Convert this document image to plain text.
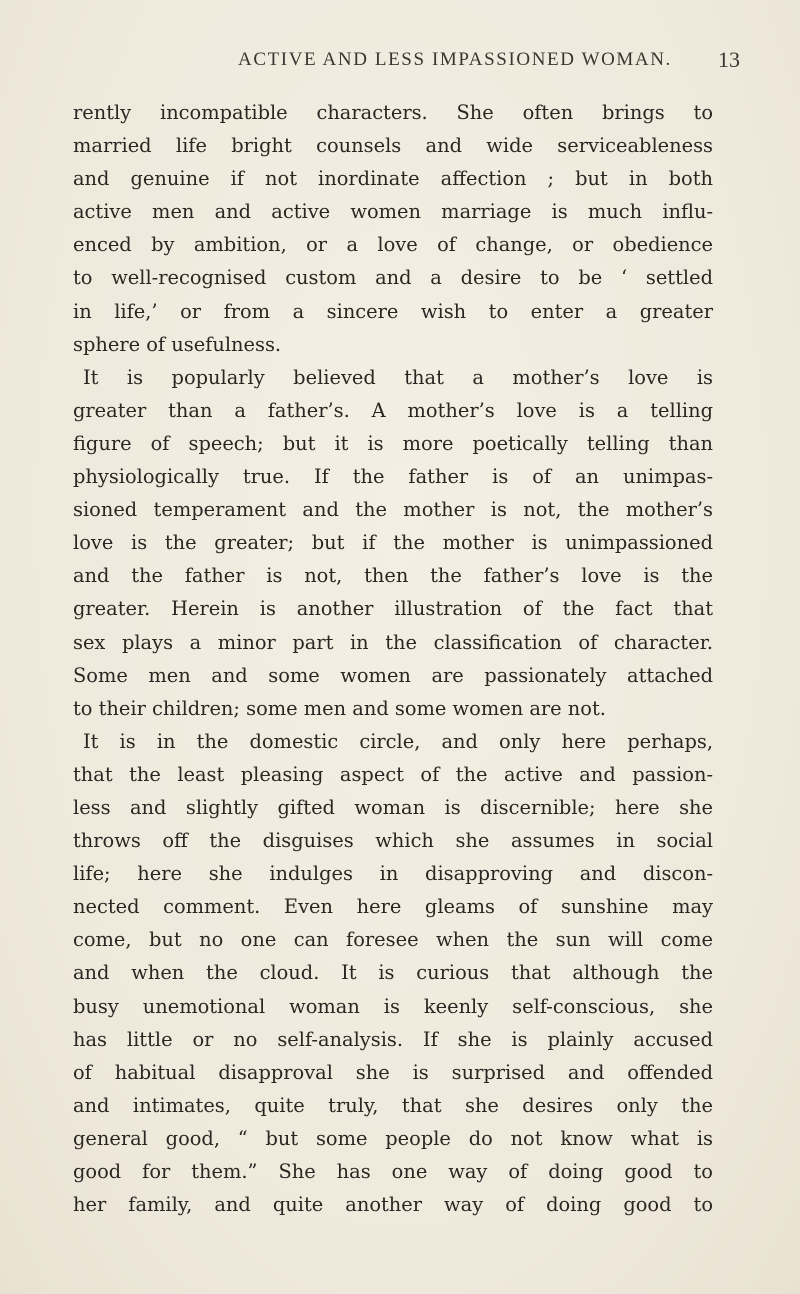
ACTIVE AND LESS IMPASSIONED WOMAN. 13
rently incompatible characters. She often brings to
married life bright counsels and wide serviceableness
and genuine if not inordinate affection ; but in both
active men and active women marriage is much influ-
enced by ambition, or a love of change, or obedience
to well-recognised custom and a desire to be ‘ settled
in life,’ or from a sincere wish to enter a greater
sphere of usefulness.
It is popularly believed that a mother’s love is
greater than a father’s. A mother’s love is a telling
figure of speech; but it is more poetically telling than
physiologically true. If the father is of an unimpas-
sioned temperament and the mother is not, the mother’s
love is the greater; but if the mother is unimpassioned
and the father is not, then the father’s love is the
greater. Herein is another illustration of the fact that
sex plays a minor part in the classification of character.
Some men and some women are passionately attached
to their children; some men and some women are not.
It is in the domestic circle, and only here perhaps,
that the least pleasing aspect of the active and passion-
less and slightly gifted woman is discernible; here she
throws off the disguises which she assumes in social
life; here she indulges in disapproving and discon-
nected comment. Even here gleams of sunshine may
come, but no one can foresee when the sun will come
and when the cloud. It is curious that although the
busy unemotional woman is keenly self-conscious, she
has little or no self-analysis. If she is plainly accused
of habitual disapproval she is surprised and offended
and intimates, quite truly, that she desires only the
general good, “ but some people do not know what is
good for them.” She has one way of doing good to
her family, and quite another way of doing good to
